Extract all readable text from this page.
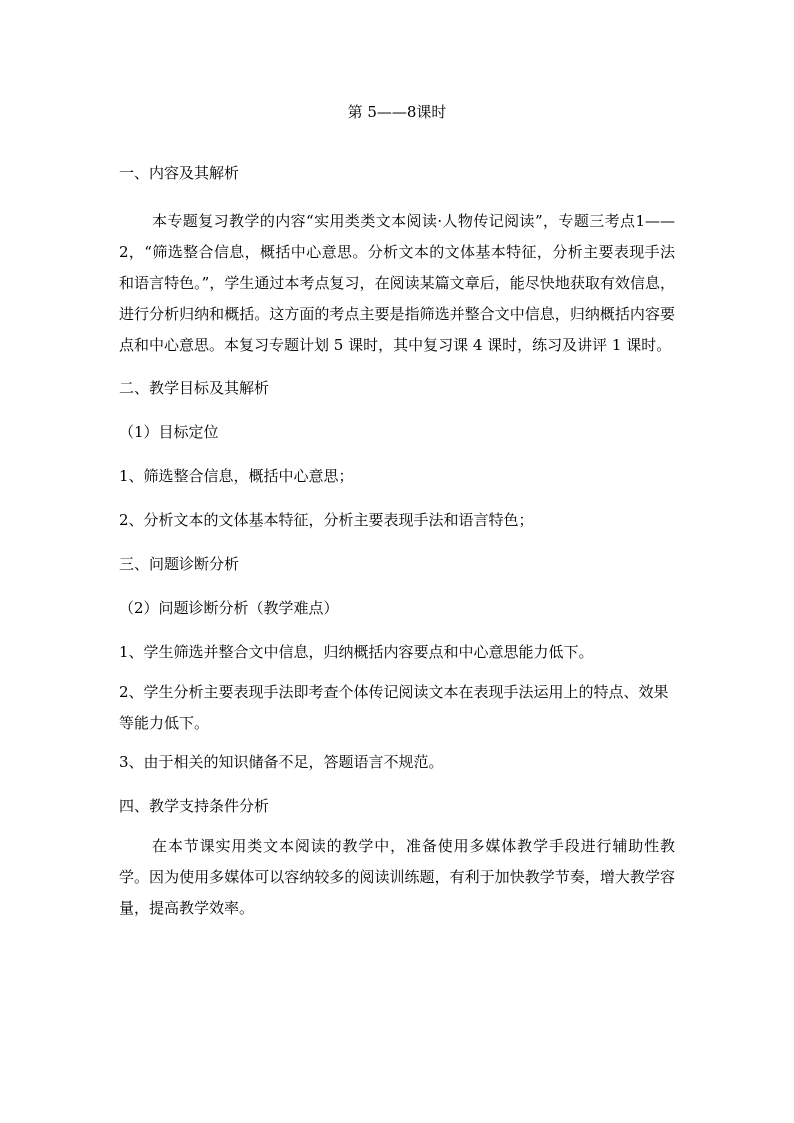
第 5——8课时
一、内容及其解析
本专题复习教学的内容“实用类类文本阅读·人物传记阅读”，专题三考点1——2，“筛选整合信息，概括中心意思。分析文本的文体基本特征，分析主要表现手法和语言特色。”，学生通过本考点复习，在阅读某篇文章后，能尽快地获取有效信息，进行分析归纳和概括。这方面的考点主要是指筛选并整合文中信息，归纳概括内容要点和中心意思。本复习专题计划 5 课时，其中复习课 4 课时，练习及讲评 1 课时。
二、教学目标及其解析
（1）目标定位
1、筛选整合信息，概括中心意思；
2、分析文本的文体基本特征，分析主要表现手法和语言特色；
三、问题诊断分析
（2）问题诊断分析（教学难点）
1、学生筛选并整合文中信息，归纳概括内容要点和中心意思能力低下。
2、学生分析主要表现手法即考查个体传记阅读文本在表现手法运用上的特点、效果等能力低下。
3、由于相关的知识储备不足，答题语言不规范。
四、教学支持条件分析
在本节课实用类文本阅读的教学中，准备使用多媒体教学手段进行辅助性教学。因为使用多媒体可以容纳较多的阅读训练题，有利于加快教学节奏，增大教学容量，提高教学效率。
